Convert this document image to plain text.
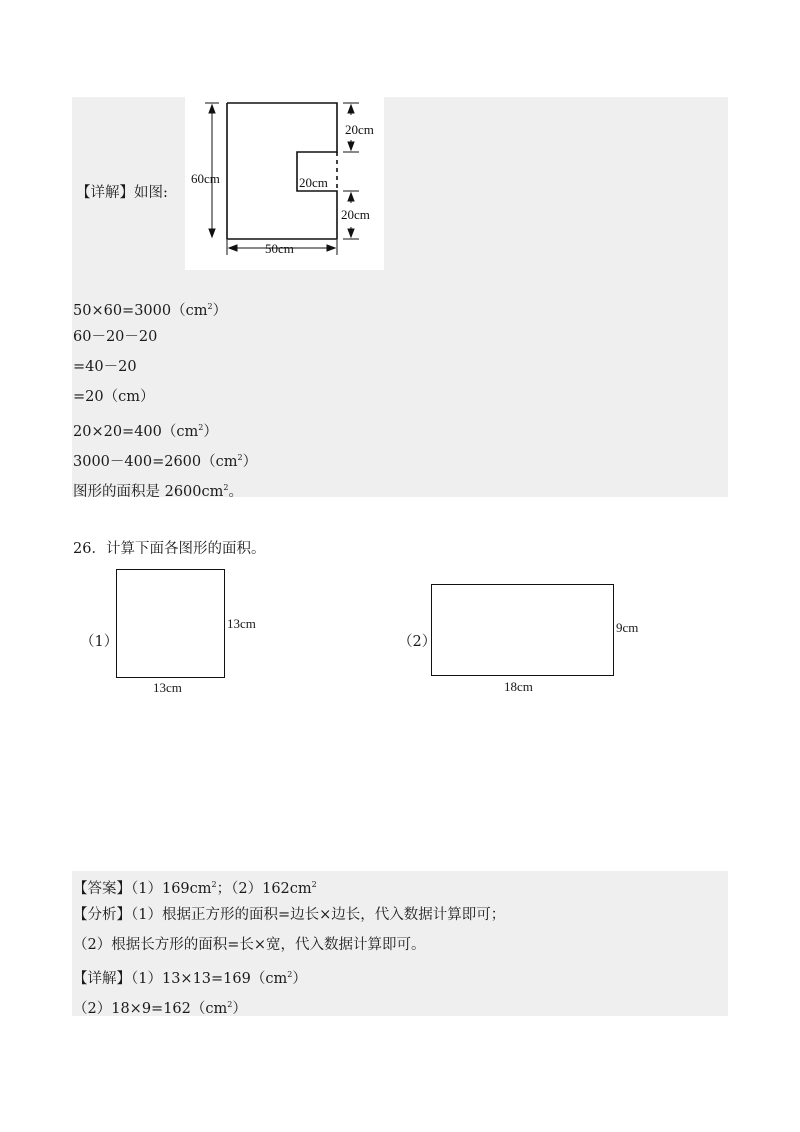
【详解】如图:
20cm
60cm	20cm
20cm
50cm
$50\times 60=3000(cm^2)$
60－20－20
=40－20
=20（cm）
$20\times 20=400(cm^2)$
$3000-400=2600(cm^2)$
图形的面积是 $2600cm^2$。
26．计算下面各图形的面积。
（1）
13cm
13cm
（2）
9cm
18cm
【答案】$(1)169cm^2$；$(2)162cm^2$
【分析】（1）根据正方形的面积=边长×边长，代入数据计算即可；
（2）根据长方形的面积=长×宽，代入数据计算即可。
【详解】$(1)13\times 13=169(cm^2)$
$(2)18\times 9=162(cm^2)$
